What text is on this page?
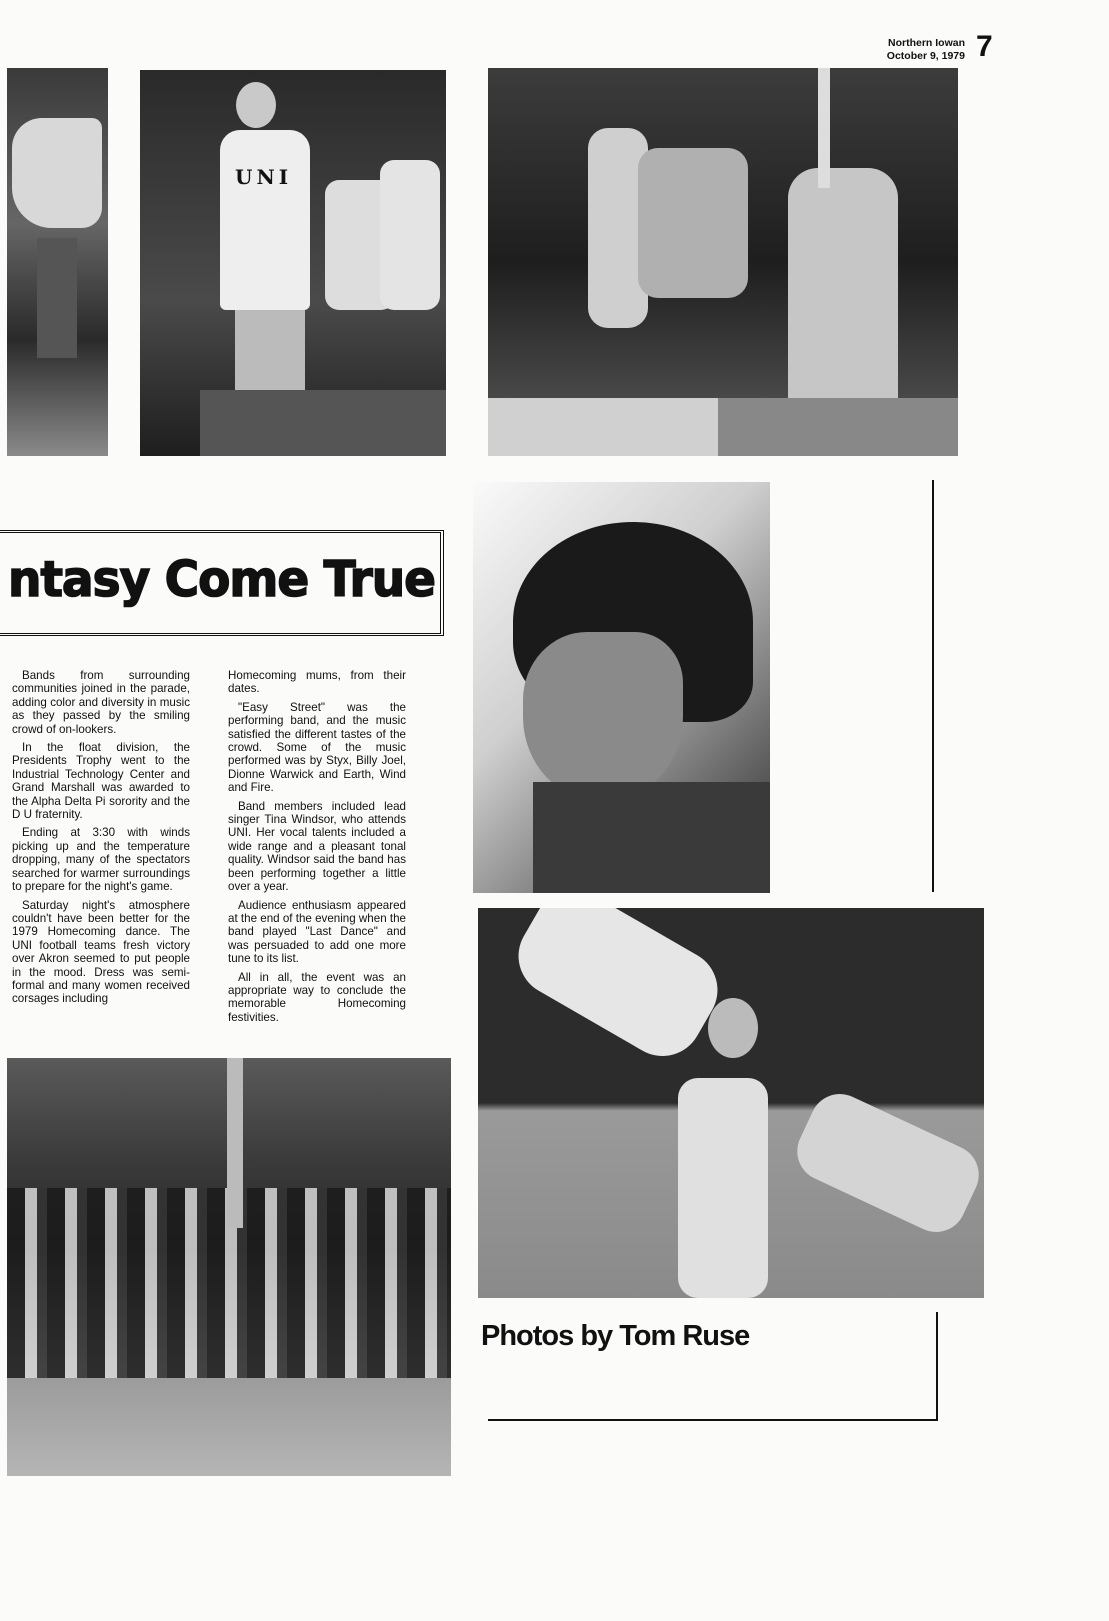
Northern Iowan
October 9, 1979 7
UNI
ntasy Come True

Bands from surrounding communities joined in the parade, adding color and diversity in music as they passed by the smiling crowd of on-lookers.

In the float division, the Presidents Trophy went to the Industrial Technology Center and Grand Marshall was awarded to the Alpha Delta Pi sorority and the D U fraternity.

Ending at 3:30 with winds picking up and the temperature dropping, many of the spectators searched for warmer surroundings to prepare for the night's game.

Saturday night's atmosphere couldn't have been better for the 1979 Homecoming dance. The UNI football teams fresh victory over Akron seemed to put people in the mood. Dress was semi-formal and many women received corsages including

Homecoming mums, from their dates.

"Easy Street" was the performing band, and the music satisfied the different tastes of the crowd. Some of the music performed was by Styx, Billy Joel, Dionne Warwick and Earth, Wind and Fire.

Band members included lead singer Tina Windsor, who attends UNI. Her vocal talents included a wide range and a pleasant tonal quality. Windsor said the band has been performing together a little over a year.

Audience enthusiasm appeared at the end of the evening when the band played "Last Dance" and was persuaded to add one more tune to its list.

All in all, the event was an appropriate way to conclude the memorable Homecoming festivities.

Photos by Tom Ruse
